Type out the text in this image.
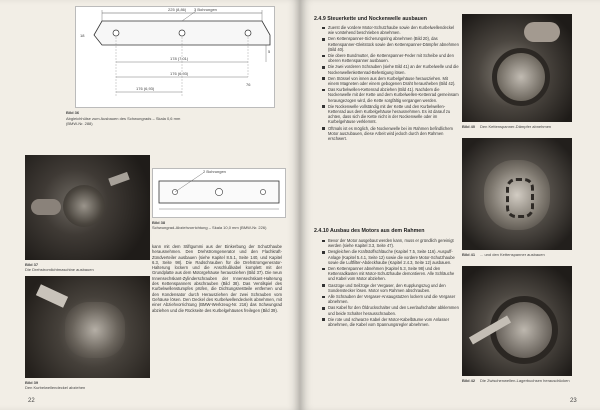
225 (8,86) 3 Bohrungen
178 (7,01)
176 (6,93)
176 (6,93)
18
5
76
Bild 36
Abgleichhülse zum Ausbauen des Schwungrads – Skala 0,6 mm (BMW-Nr. 288)
Bild 37
Die Drehstromlichtmaschine ausbauen
2 Bohrungen
Bild 38
Schwungrad-Abziehvorrichtung – Skala 10,0 mm (BMW-Nr. 226)
Bild 39
Den Kurbelwellendeckel abziehen
kann mit dem Stiftgummi aus der Einkerbung der Schutzhaube herausnehmen. Den Drehstromgenerator und den Flachkraft-Zündverteiler ausbauen (siehe Kapitel 8.5.1, Seite 140, und Kapitel 6.3, Seite 98). Die Radschrauben für die Drehstromgenerator-Halterung lockern und die Anschlußkabel komplett mit der Grundplatte aus dem Motorgehäuse herausziehen (Bild 37). Die neun Innensechskant-Zylinderschrauben der Innensechskant-Halterung des Kettenspanners abschrauben (Bild 38). Das Ventilspiel des Kurbelwellenstumpfes prüfen, die Dichtungsrestteile entfernen und den Kondensator durch Herausziehen der zwei Schrauben vom Gehäuse lösen. Den Deckel des Kurbelwellendeckels abnehmen, mit einer Abziehvorrichtung (BMW-Werkzeug-Nr. 216) das Schwungrad abziehen und die Rückseite des Kurbelgehäuses freilegen (Bild 39).
22
2.4.9 Steuerkette und Nockenwelle ausbauen
Zuerst die vordere Motor-Schutzhaube sowie den Kurbelwellendeckel wie vorstehend beschrieben abnehmen.
Den Kettenspanner-Sicherungsring abnehmen (Bild 20), das Kettenspanner-Gleitstück sowie den Kettenspanner-Dämpfer abnehmen (Bild 40).
Die obere Bundmutter, die Kettenspanner-Feder mit Scheibe und den oberen Kettenspanner ausbauen.
Die zwei vorderen Schrauben (siehe Bild 41) an der Kurbelwelle und die Nockenwellenkettenrad-Befestigung lösen.
Den Stössel von innen aus dem Kurbelgehäuse herausziehen. Mit einem Magneten oder einem gebogenen Draht herausheben (Bild 42).
Das Kurbelwellen-Kettenrad abziehen (Bild 41). Nachdem die Nockenwelle mit der Kette und dem Kurbelwellen-Kettenrad gemeinsam herausgezogen wird, die Kette sorgfältig vergangen werden.
Die Nockenwelle vollständig mit der Kette und den Kurbelwellen-Kettenrad aus dem Kurbelgehäuse herausnehmen. Es ist darauf zu achten, dass sich die Kette nicht in der Nockenwelle oder im Kurbelgehäuse verklemmt.
Oftmals ist es möglich, die Nockenwelle bei im Rahmen befindlichem Motor auszubauen, diese Arbeit wird jedoch durch den Rahmen erschwert.
2.4.10 Ausbau des Motors aus dem Rahmen
Bevor der Motor ausgebaut werden kann, muss er gründlich gereinigt werden (siehe Kapitel 3.3, Seite 47).
Desgleichen die Kraftstoffschläuche (Kapitel 7.5, Seite 116). Auspuff-Anlage (Kapitel 5.4.1, Seite 12) sowie die vordere Motor-Schutzhaube sowie die Luftfilter-Abdeckhaube (Kapitel 2.4.3, Seite 12) ausbauen.
Den Kettenspanner abnehmen (Kapitel 5.3, Seite 98) und den Kettenradkasten mit Motor-Schutzhaube demontieren. Alle Schläuche und Kabel vom Motor abziehen.
Gaszüge und Seilzüge der Vergaser, den Kupplungszug und den Sondenstecker lösen. Motor vom Rahmen abschrauben.
Alle Schrauben der Vergaser-Ansaugstutzen lockern und die Vergaser abnehmen.
Das Kabel für den Öldruckschalter und den Leerlaufschalter abklemmen und beide Schalter herausschrauben.
Die rote und schwarze Kabel der Motor-Kabelbäume vom Anlasser abnehmen, die Kabel vom Spannungsregler abnehmen.
Bild 40 Den Kettenspanner-Dämpfer abnehmen
Bild 41 ... und den Kettenspanner ausbauen
Bild 42 Die Zwischenwellen-Lagerbuchsen herausdrücken
23
